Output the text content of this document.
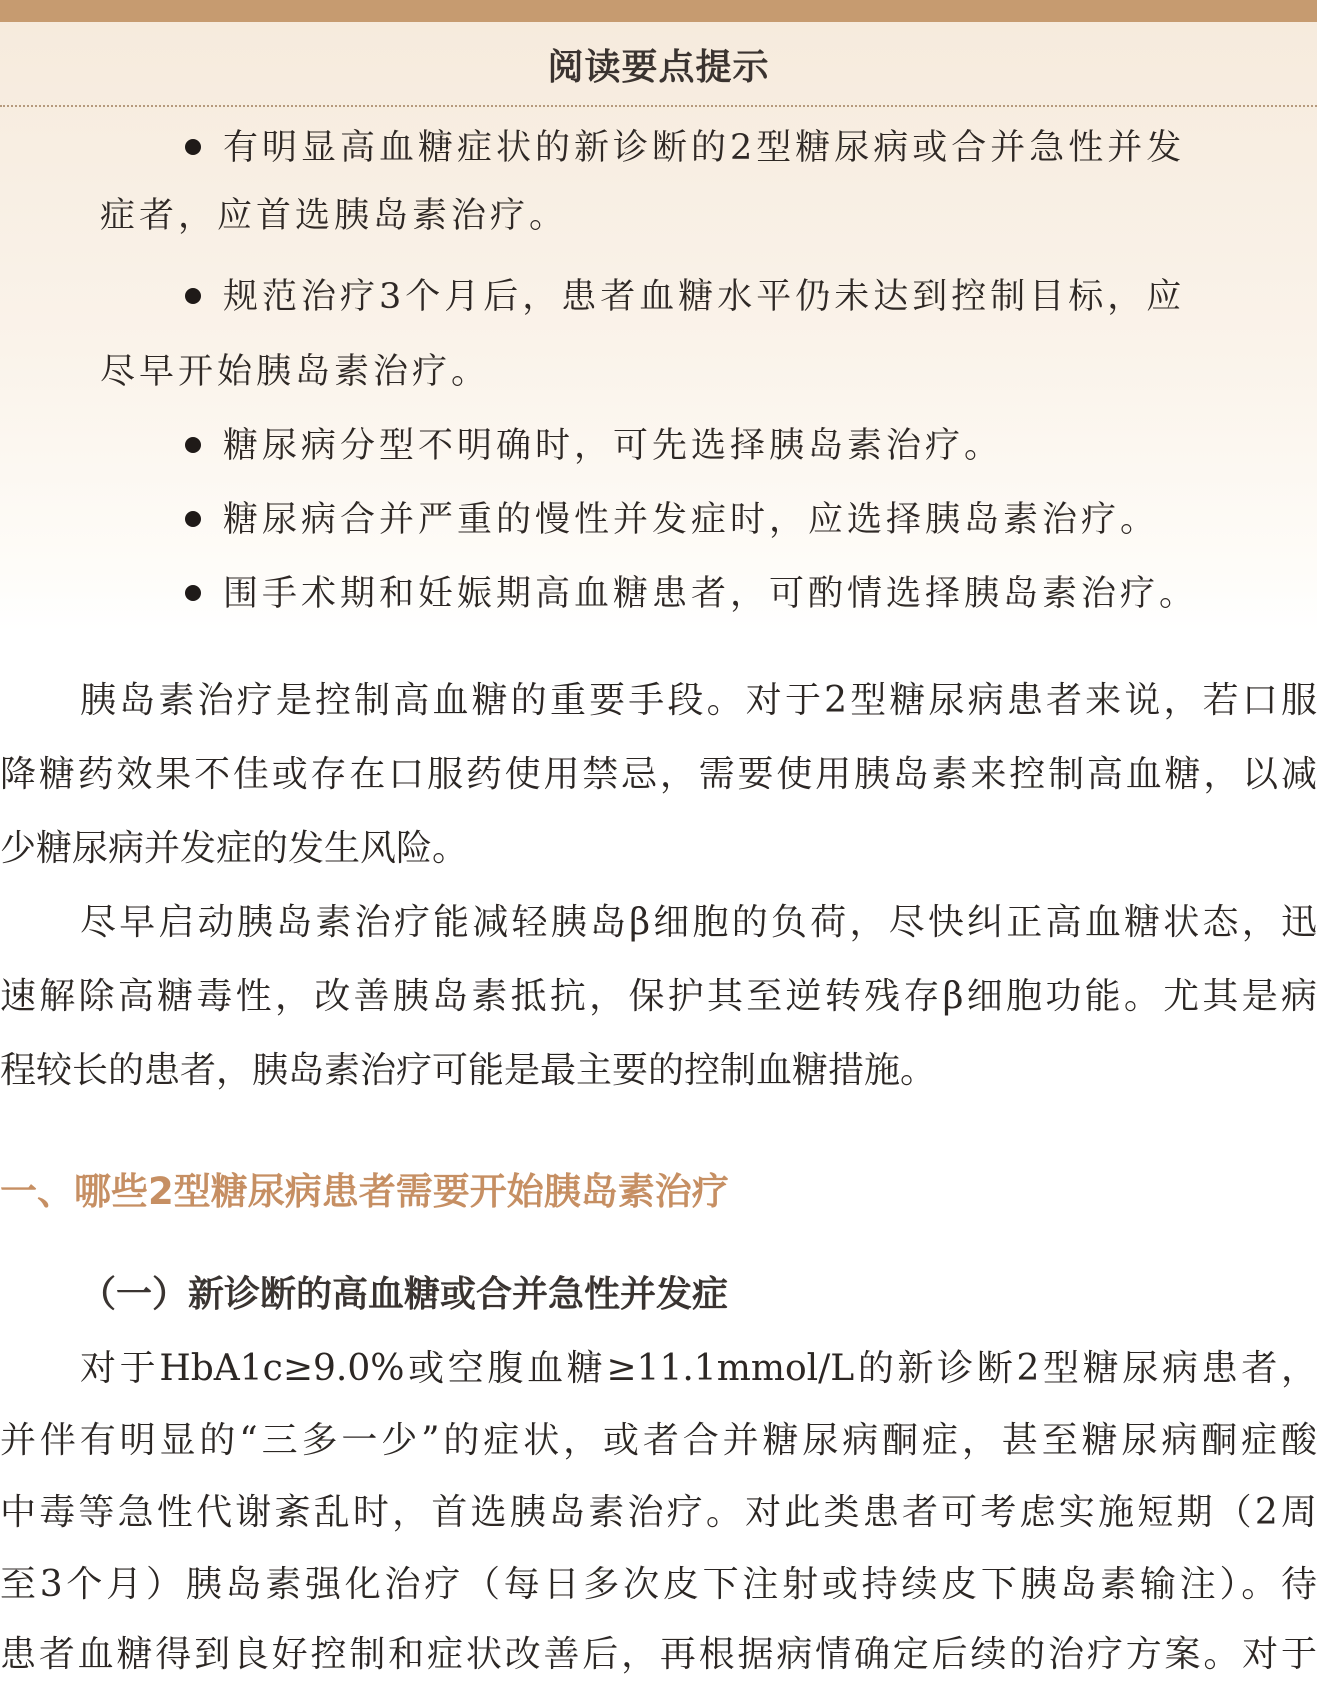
阅读要点提示
有明显高血糖症状的新诊断的2型糖尿病或合并急性并发
症者，应首选胰岛素治疗。
规范治疗3个月后，患者血糖水平仍未达到控制目标，应
尽早开始胰岛素治疗。
糖尿病分型不明确时，可先选择胰岛素治疗。
糖尿病合并严重的慢性并发症时，应选择胰岛素治疗。
围手术期和妊娠期高血糖患者，可酌情选择胰岛素治疗。
胰岛素治疗是控制高血糖的重要手段。对于2型糖尿病患者来说，若口服
降糖药效果不佳或存在口服药使用禁忌，需要使用胰岛素来控制高血糖，以减
少糖尿病并发症的发生风险。
尽早启动胰岛素治疗能减轻胰岛β细胞的负荷，尽快纠正高血糖状态，迅
速解除高糖毒性，改善胰岛素抵抗，保护其至逆转残存β细胞功能。尤其是病
程较长的患者，胰岛素治疗可能是最主要的控制血糖措施。
一、哪些2型糖尿病患者需要开始胰岛素治疗
（一）新诊断的高血糖或合并急性并发症
对于HbA1c≥9.0%或空腹血糖≥11.1mmol/L的新诊断2型糖尿病患者，
并伴有明显的“三多一少”的症状，或者合并糖尿病酮症，甚至糖尿病酮症酸
中毒等急性代谢紊乱时，首选胰岛素治疗。对此类患者可考虑实施短期（2周
至3个月）胰岛素强化治疗（每日多次皮下注射或持续皮下胰岛素输注）。待
患者血糖得到良好控制和症状改善后，再根据病情确定后续的治疗方案。对于
